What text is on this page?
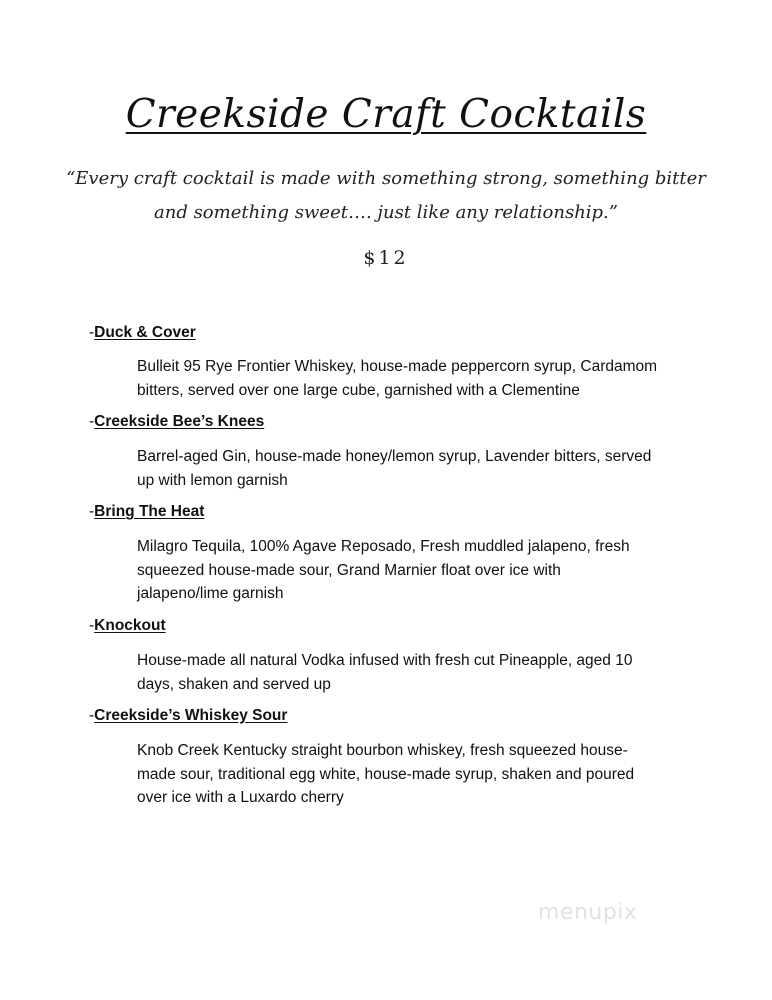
Creekside Craft Cocktails
“Every craft cocktail is made with something strong, something bitter
and something sweet…. just like any relationship.”
$12
-Duck & Cover
Bulleit 95 Rye Frontier Whiskey, house-made peppercorn syrup, Cardamom
bitters, served over one large cube, garnished with a Clementine
-Creekside Bee’s Knees
Barrel-aged Gin, house-made honey/lemon syrup, Lavender bitters, served
up with lemon garnish
-Bring The Heat
Milagro Tequila, 100% Agave Reposado, Fresh muddled jalapeno, fresh
squeezed house-made sour, Grand Marnier float over ice with
jalapeno/lime garnish
-Knockout
House-made all natural Vodka infused with fresh cut Pineapple, aged 10
days, shaken and served up
-Creekside’s Whiskey Sour
Knob Creek Kentucky straight bourbon whiskey, fresh squeezed house-
made sour, traditional egg white, house-made syrup, shaken and poured
over ice with a Luxardo cherry
menupix
